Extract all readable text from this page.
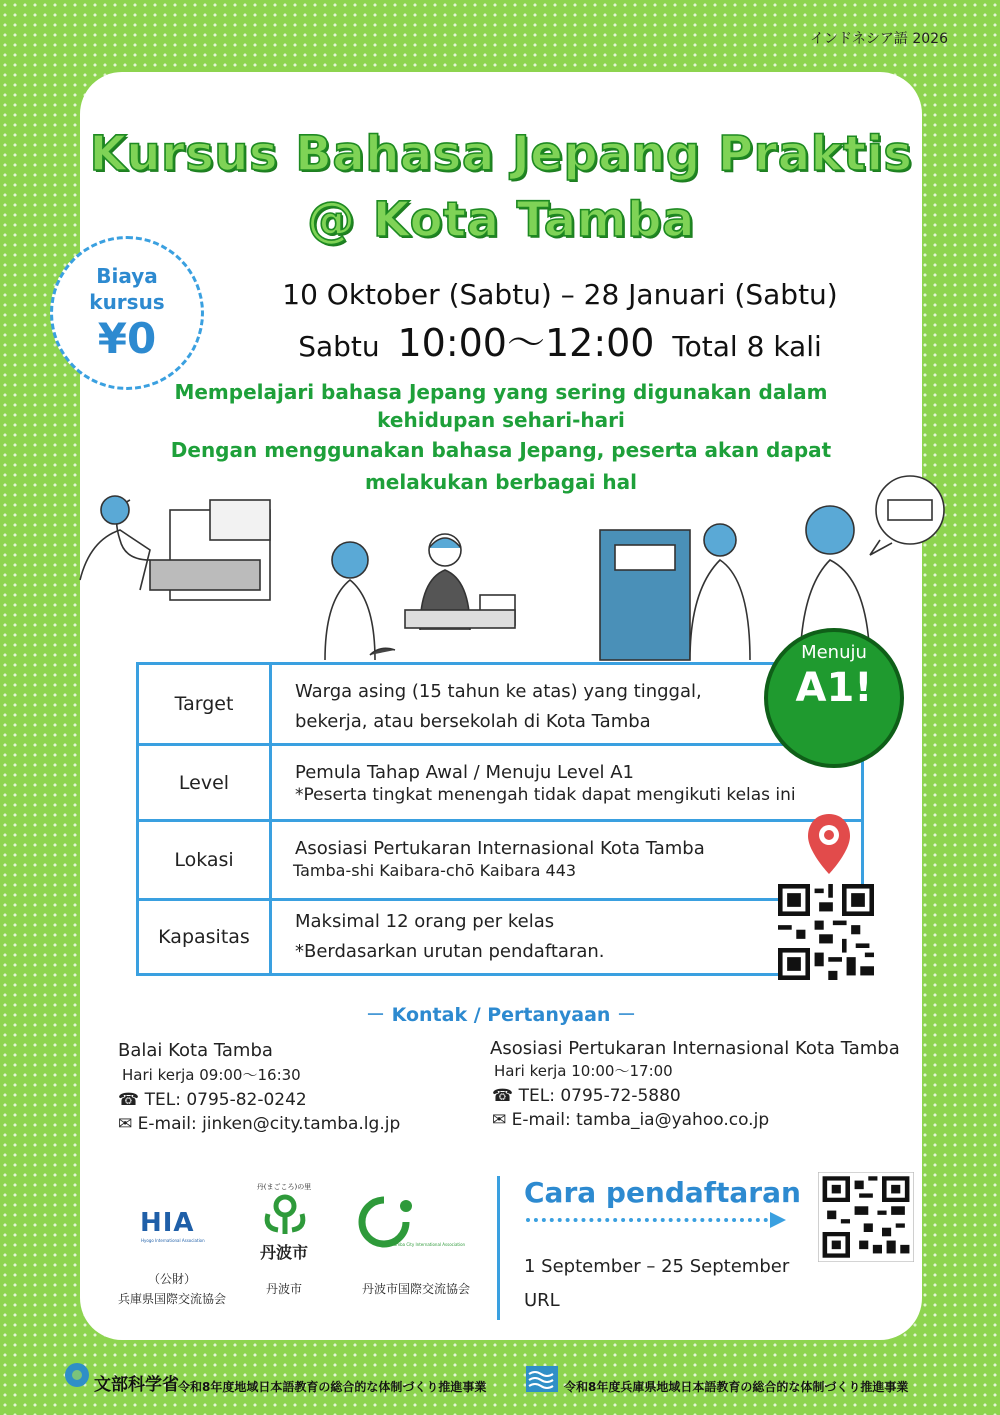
インドネシア語 2026
Kursus Bahasa Jepang Praktis
@ Kota Tamba
Biaya
kursus
¥0
10 Oktober (Sabtu) – 28 Januari (Sabtu)
Sabtu 10:00～12:00 Total 8 kali
Mempelajari bahasa Jepang yang sering digunakan dalam
kehidupan sehari-hari
Dengan menggunakan bahasa Jepang, peserta akan dapat
melakukan berbagai hal
Target
Warga asing (15 tahun ke atas) yang tinggal,
bekerja, atau bersekolah di Kota Tamba
Level	Pemula Tahap Awal / Menuju Level A1
*Peserta tingkat menengah tidak dapat mengikuti kelas ini
Lokasi
Asosiasi Pertukaran Internasional Kota Tamba
Tamba-shi Kaibara-chō Kaibara 443
Kapasitas
Maksimal 12 orang per kelas
*Berdasarkan urutan pendaftaran.
Menuju
A1!
－ Kontak / Pertanyaan －
Balai Kota Tamba
Hari kerja 09:00～16:30
☎ TEL: 0795-82-0242
✉ E-mail: jinken@city.tamba.lg.jp
Asosiasi Pertukaran Internasional Kota Tamba
Hari kerja 10:00～17:00
☎ TEL: 0795-72-5880
✉ E-mail: tamba_ia@yahoo.co.jp
HIA
Hyogo International Association
（公財）
兵庫県国際交流協会
丹(まごころ)の里
丹波市
丹波市
Tamba City International Association
丹波市国際交流協会
Cara pendaftaran
1 September – 25 September
URL
文部科学省 令和8年度地域日本語教育の総合的な体制づくり推進事業	令和8年度兵庫県地域日本語教育の総合的な体制づくり推進事業
